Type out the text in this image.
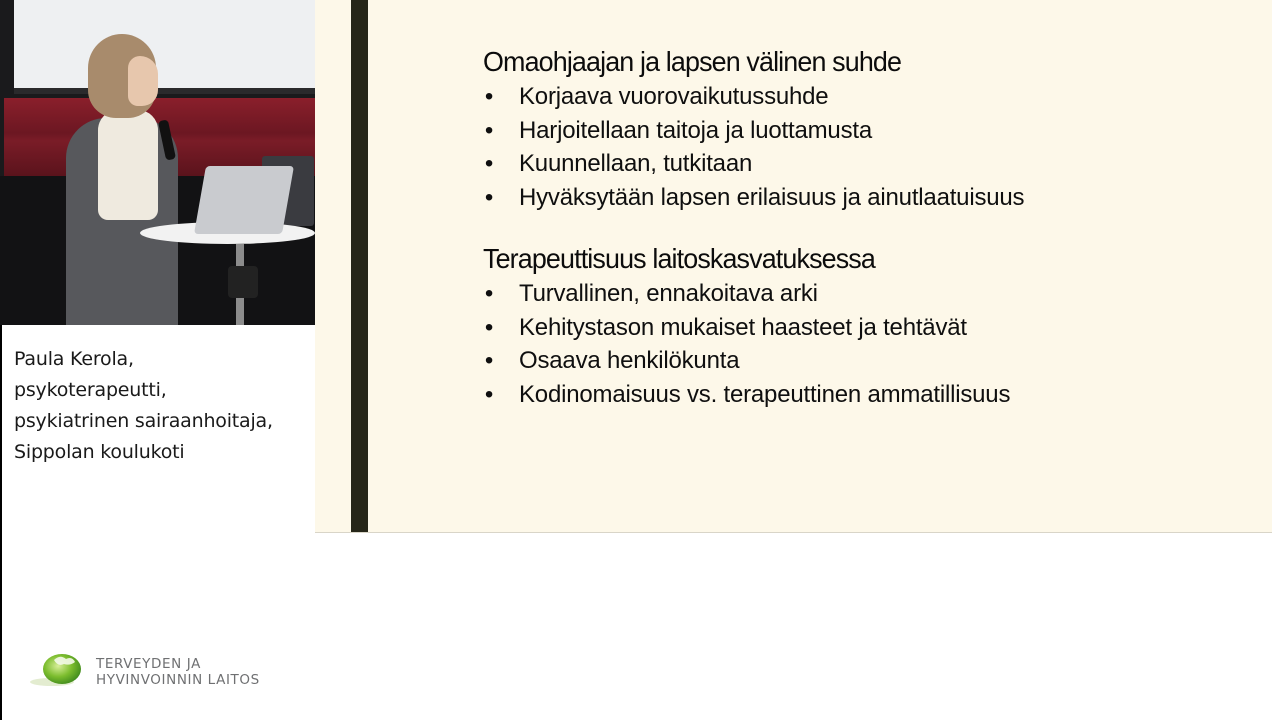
Paula Kerola,
psykoterapeutti,
psykiatrinen sairaanhoitaja,
Sippolan koulukoti
TERVEYDEN JA
HYVINVOINNIN LAITOS
Omaohjaajan ja lapsen välinen suhde
• Korjaava vuorovaikutussuhde
• Harjoitellaan taitoja ja luottamusta
• Kuunnellaan, tutkitaan
• Hyväksytään lapsen erilaisuus ja ainutlaatuisuus
Terapeuttisuus laitoskasvatuksessa
• Turvallinen, ennakoitava arki
• Kehitystason mukaiset haasteet ja tehtävät
• Osaava henkilökunta
• Kodinomaisuus vs. terapeuttinen ammatillisuus
